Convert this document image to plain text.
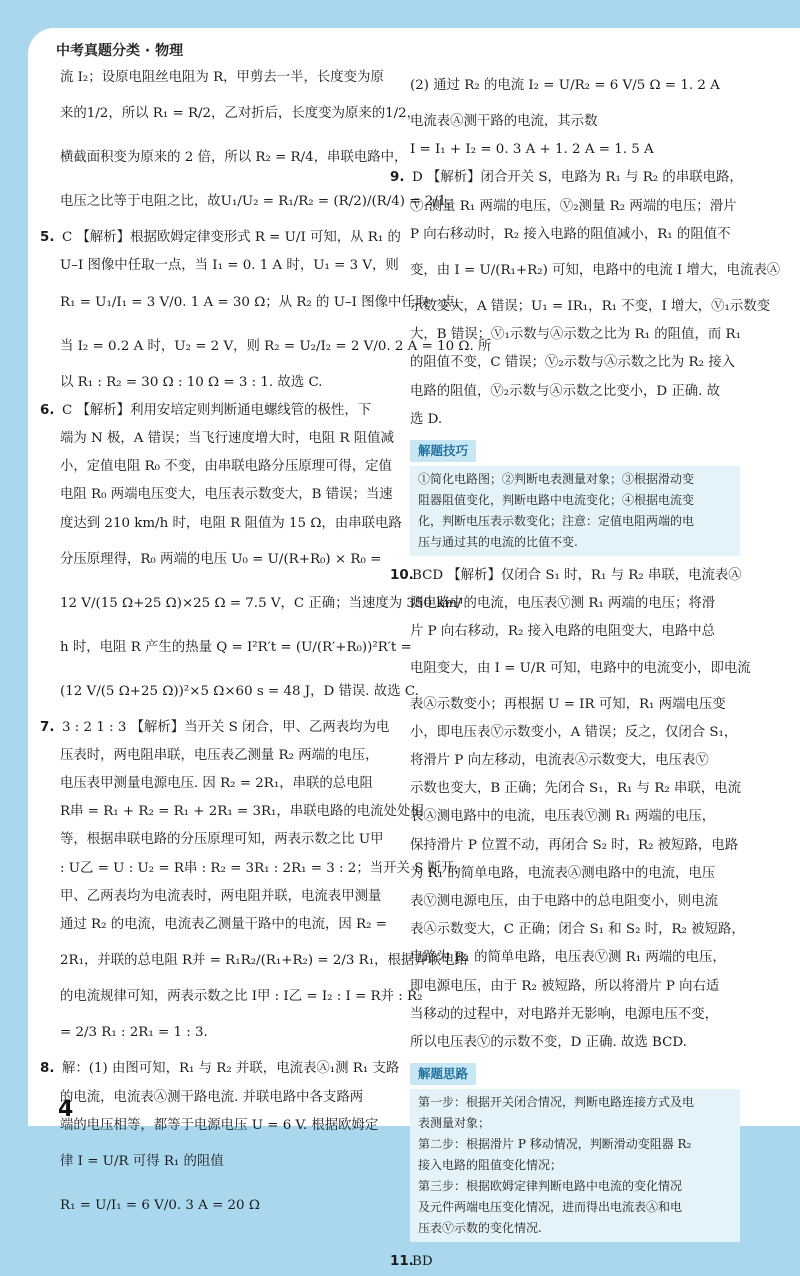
中考真题分类 · 物理
流 I₂；设原电阻丝电阻为 R，甲剪去一半，长度变为原
来的1/2，所以 R₁ = R/2，乙对折后，长度变为原来的1/2，
横截面积变为原来的 2 倍，所以 R₂ = R/4，串联电路中，
电压之比等于电阻之比，故U₁/U₂ = R₁/R₂ = (R/2)/(R/4) = 2/1.
5. C 【解析】根据欧姆定律变形式 R = U/I 可知，从 R₁ 的
U–I 图像中任取一点，当 I₁ = 0. 1 A 时，U₁ = 3 V，则
R₁ = U₁/I₁ = 3 V/0. 1 A = 30 Ω；从 R₂ 的 U–I 图像中任取一点，
当 I₂ = 0.2 A 时，U₂ = 2 V，则 R₂ = U₂/I₂ = 2 V/0. 2 A = 10 Ω. 所
以 R₁ : R₂ = 30 Ω : 10 Ω = 3 : 1. 故选 C.
6. C 【解析】利用安培定则判断通电螺线管的极性，下
端为 N 极，A 错误；当飞行速度增大时，电阻 R 阻值减
小，定值电阻 R₀ 不变，由串联电路分压原理可得，定值
电阻 R₀ 两端电压变大，电压表示数变大，B 错误；当速
度达到 210 km/h 时，电阻 R 阻值为 15 Ω，由串联电路
分压原理得，R₀ 两端的电压 U₀ = U/(R+R₀) × R₀ =
12 V/(15 Ω+25 Ω)×25 Ω = 7.5 V，C 正确；当速度为 350 km/
h 时，电阻 R 产生的热量 Q = I²R′t = (U/(R′+R₀))²R′t =
(12 V/(5 Ω+25 Ω))²×5 Ω×60 s = 48 J，D 错误. 故选 C.
7. 3 : 2 1 : 3 【解析】当开关 S 闭合，甲、乙两表均为电
压表时，两电阻串联，电压表乙测量 R₂ 两端的电压，
电压表甲测量电源电压. 因 R₂ = 2R₁，串联的总电阻
R串 = R₁ + R₂ = R₁ + 2R₁ = 3R₁，串联电路的电流处处相
等，根据串联电路的分压原理可知，两表示数之比 U甲
: U乙 = U : U₂ = R串 : R₂ = 3R₁ : 2R₁ = 3 : 2；当开关 S 断开，
甲、乙两表均为电流表时，两电阻并联，电流表甲测量
通过 R₂ 的电流，电流表乙测量干路中的电流，因 R₂ =
2R₁，并联的总电阻 R并 = R₁R₂/(R₁+R₂) = 2/3 R₁，根据并联电路
的电流规律可知，两表示数之比 I甲 : I乙 = I₂ : I = R并 : R₂
= 2/3 R₁ : 2R₁ = 1 : 3.
8. 解：(1) 由图可知，R₁ 与 R₂ 并联，电流表Ⓐ₁测 R₁ 支路
的电流，电流表Ⓐ测干路电流. 并联电路中各支路两
端的电压相等，都等于电源电压 U = 6 V. 根据欧姆定
律 I = U/R 可得 R₁ 的阻值
R₁ = U/I₁ = 6 V/0. 3 A = 20 Ω
(2) 通过 R₂ 的电流 I₂ = U/R₂ = 6 V/5 Ω = 1. 2 A
电流表Ⓐ测干路的电流，其示数
I = I₁ + I₂ = 0. 3 A + 1. 2 A = 1. 5 A
9. D 【解析】闭合开关 S，电路为 R₁ 与 R₂ 的串联电路，
Ⓥ₁测量 R₁ 两端的电压，Ⓥ₂测量 R₂ 两端的电压；滑片
P 向右移动时，R₂ 接入电路的阻值减小，R₁ 的阻值不
变，由 I = U/(R₁+R₂) 可知，电路中的电流 I 增大，电流表Ⓐ
示数变大，A 错误；U₁ = IR₁，R₁ 不变，I 增大，Ⓥ₁示数变
大，B 错误；Ⓥ₁示数与Ⓐ示数之比为 R₁ 的阻值，而 R₁
的阻值不变，C 错误；Ⓥ₂示数与Ⓐ示数之比为 R₂ 接入
电路的阻值，Ⓥ₂示数与Ⓐ示数之比变小，D 正确. 故
选 D.
解题技巧
①简化电路图；②判断电表测量对象；③根据滑动变
阻器阻值变化，判断电路中电流变化；④根据电流变
化，判断电压表示数变化；注意：定值电阻两端的电
压与通过其的电流的比值不变.
10.BCD 【解析】仅闭合 S₁ 时，R₁ 与 R₂ 串联，电流表Ⓐ
测电路中的电流，电压表Ⓥ测 R₁ 两端的电压；将滑
片 P 向右移动，R₂ 接入电路的电阻变大，电路中总
电阻变大，由 I = U/R 可知，电路中的电流变小，即电流
表Ⓐ示数变小；再根据 U = IR 可知，R₁ 两端电压变
小，即电压表Ⓥ示数变小，A 错误；反之，仅闭合 S₁，
将滑片 P 向左移动，电流表Ⓐ示数变大，电压表Ⓥ
示数也变大，B 正确；先闭合 S₁，R₁ 与 R₂ 串联，电流
表Ⓐ测电路中的电流，电压表Ⓥ测 R₁ 两端的电压，
保持滑片 P 位置不动，再闭合 S₂ 时，R₂ 被短路，电路
为 R₁ 的简单电路，电流表Ⓐ测电路中的电流，电压
表Ⓥ测电源电压，由于电路中的总电阻变小，则电流
表Ⓐ示数变大，C 正确；闭合 S₁ 和 S₂ 时，R₂ 被短路，
电路为 R₁ 的简单电路，电压表Ⓥ测 R₁ 两端的电压，
即电源电压，由于 R₂ 被短路，所以将滑片 P 向右适
当移动的过程中，对电路并无影响，电源电压不变，
所以电压表Ⓥ的示数不变，D 正确. 故选 BCD.
解题思路
第一步：根据开关闭合情况，判断电路连接方式及电
表测量对象；
第二步：根据滑片 P 移动情况，判断滑动变阻器 R₂
接入电路的阻值变化情况；
第三步：根据欧姆定律判断电路中电流的变化情况
及元件两端电压变化情况，进而得出电流表Ⓐ和电
压表Ⓥ示数的变化情况.
11.BD
4
